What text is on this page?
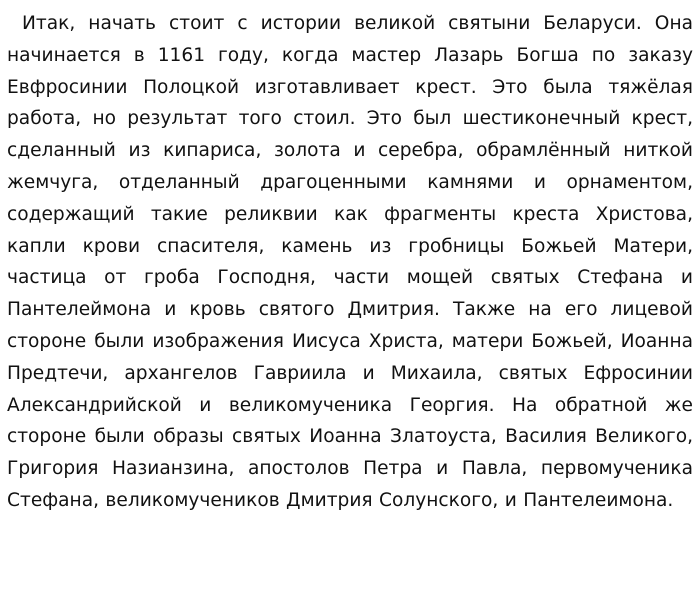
Итак, начать стоит с истории великой святыни Беларуси. Она начинается в 1161 году, когда мастер Лазарь Богша по заказу Евфросинии Полоцкой изготавливает крест. Это была тяжёлая работа, но результат того стоил. Это был шестиконечный крест, сделанный из кипариса, золота и серебра, обрамлённый ниткой жемчуга, отделанный драгоценными камнями и орнаментом, содержащий такие реликвии как фрагменты креста Христова, капли крови спасителя, камень из гробницы Божьей Матери, частица от гроба Господня, части мощей святых Стефана и Пантелеймона и кровь святого Дмитрия. Также на его лицевой стороне были изображения Иисуса Христа, матери Божьей, Иоанна Предтечи, архангелов Гавриила и Михаила, святых Ефросинии Александрийской и великомученика Георгия. На обратной же стороне были образы святых Иоанна Златоуста, Василия Великого, Григория Назианзина, апостолов Петра и Павла, первомученика Стефана, великомучеников Дмитрия Солунского, и Пантелеимона.
